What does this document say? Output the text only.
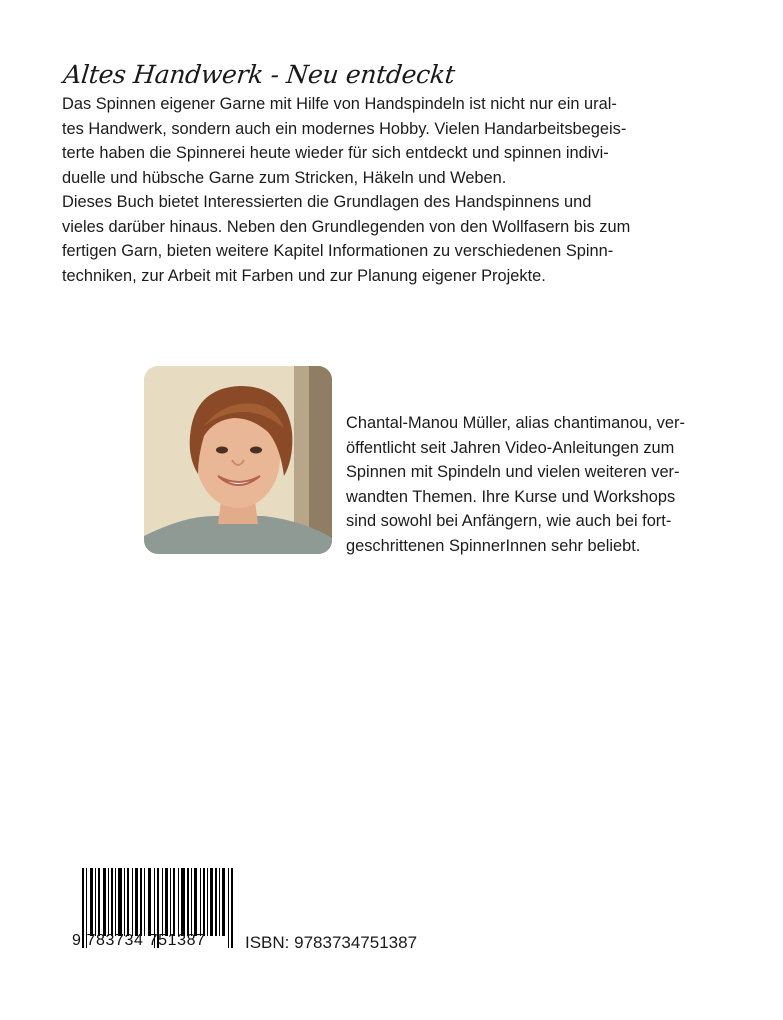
Altes Handwerk - Neu entdeckt
Das Spinnen eigener Garne mit Hilfe von Handspindeln ist nicht nur ein ural-
tes Handwerk, sondern auch ein modernes Hobby. Vielen Handarbeitsbegeis-
terte haben die Spinnerei heute wieder für sich entdeckt und spinnen indivi-
duelle und hübsche Garne zum Stricken, Häkeln und Weben.
Dieses Buch bietet Interessierten die Grundlagen des Handspinnens und
vieles darüber hinaus. Neben den Grundlegenden von den Wollfasern bis zum
fertigen Garn, bieten weitere Kapitel Informationen zu verschiedenen Spinn-
techniken, zur Arbeit mit Farben und zur Planung eigener Projekte.
Chantal-Manou Müller, alias chantimanou, ver-
öffentlicht seit Jahren Video-Anleitungen zum
Spinnen mit Spindeln und vielen weiteren ver-
wandten Themen. Ihre Kurse und Workshops
sind sowohl bei Anfängern, wie auch bei fort-
geschrittenen SpinnerInnen sehr beliebt.
9 783734 751387	ISBN: 9783734751387
